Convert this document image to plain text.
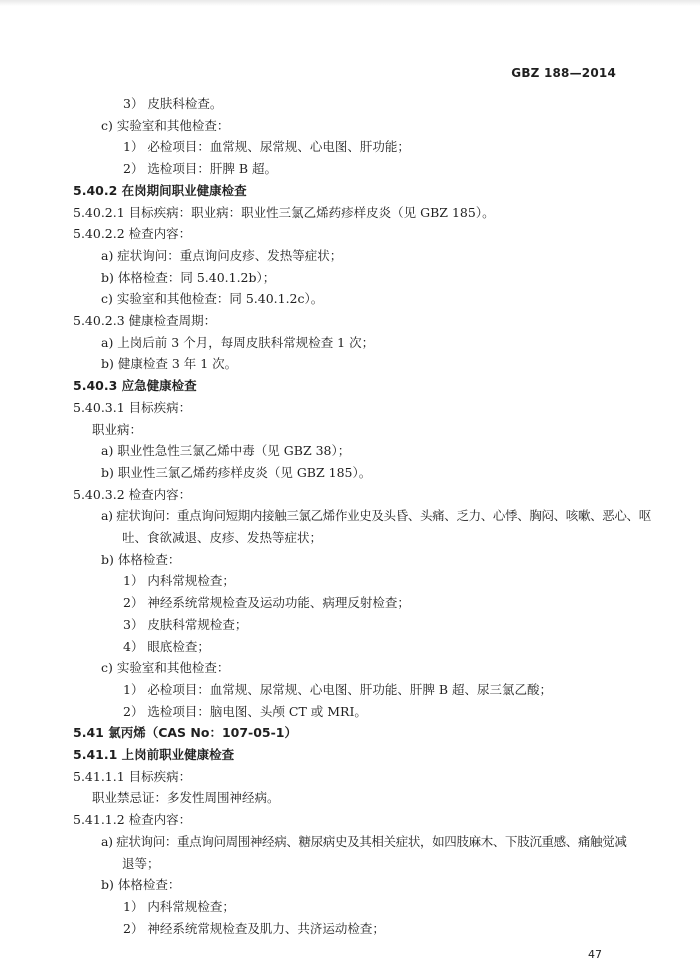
GBZ 188—2014
3） 皮肤科检查。
c) 实验室和其他检查：
1） 必检项目：血常规、尿常规、心电图、肝功能；
2） 选检项目：肝脾 B 超。
5.40.2 在岗期间职业健康检查
5.40.2.1 目标疾病：职业病：职业性三氯乙烯药疹样皮炎（见 GBZ 185）。
5.40.2.2 检查内容：
a) 症状询问：重点询问皮疹、发热等症状；
b) 体格检查：同 5.40.1.2b）；
c) 实验室和其他检查：同 5.40.1.2c）。
5.40.2.3 健康检查周期：
a) 上岗后前 3 个月，每周皮肤科常规检查 1 次；
b) 健康检查 3 年 1 次。
5.40.3 应急健康检查
5.40.3.1 目标疾病：
职业病：
a) 职业性急性三氯乙烯中毒（见 GBZ 38）；
b) 职业性三氯乙烯药疹样皮炎（见 GBZ 185）。
5.40.3.2 检查内容：
a) 症状询问：重点询问短期内接触三氯乙烯作业史及头昏、头痛、乏力、心悸、胸闷、咳嗽、恶心、呕
吐、食欲减退、皮疹、发热等症状；
b) 体格检查：
1） 内科常规检查；
2） 神经系统常规检查及运动功能、病理反射检查；
3） 皮肤科常规检查；
4） 眼底检查；
c) 实验室和其他检查：
1） 必检项目：血常规、尿常规、心电图、肝功能、肝脾 B 超、尿三氯乙酸；
2） 选检项目：脑电图、头颅 CT 或 MRI。
5.41 氯丙烯（CAS No：107-05-1）
5.41.1 上岗前职业健康检查
5.41.1.1 目标疾病：
职业禁忌证：多发性周围神经病。
5.41.1.2 检查内容：
a) 症状询问：重点询问周围神经病、糖尿病史及其相关症状，如四肢麻木、下肢沉重感、痛触觉减
退等；
b) 体格检查：
1） 内科常规检查；
2） 神经系统常规检查及肌力、共济运动检查；
47
